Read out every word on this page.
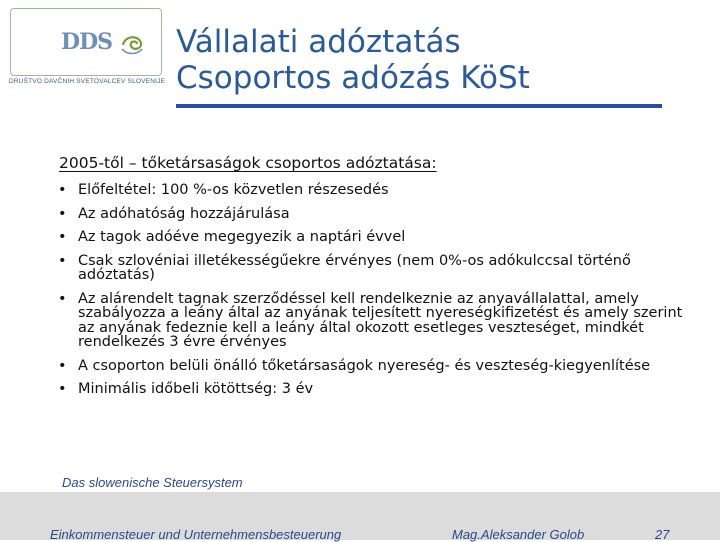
DDS
DRUŠTVO DAVČNIH SVETOVALCEV SLOVENIJE
Vállalati adóztatás
Csoportos adózás KöSt
2005-től – tőketársaságok csoportos adóztatása:
• Előfeltétel: 100 %-os közvetlen részesedés
• Az adóhatóság hozzájárulása
• Az tagok adóéve megegyezik a naptári évvel
• Csak szlovéniai illetékességűekre érvényes (nem 0%-os adókulccsal történő adóztatás)
• Az alárendelt tagnak szerződéssel kell rendelkeznie az anyavállalattal, amely szabályozza a leány által az anyának teljesített nyereségkifizetést és amely szerint az anyának fedeznie kell a leány által okozott esetleges veszteséget, mindkét rendelkezés 3 évre érvényes
• A csoporton belüli önálló tőketársaságok nyereség- és veszteség-kiegyenlítése
• Minimális időbeli kötöttség: 3 év
Das slowenische Steuersystem
Einkommensteuer und Unternehmensbesteuerung	Mag.Aleksander Golob	27
